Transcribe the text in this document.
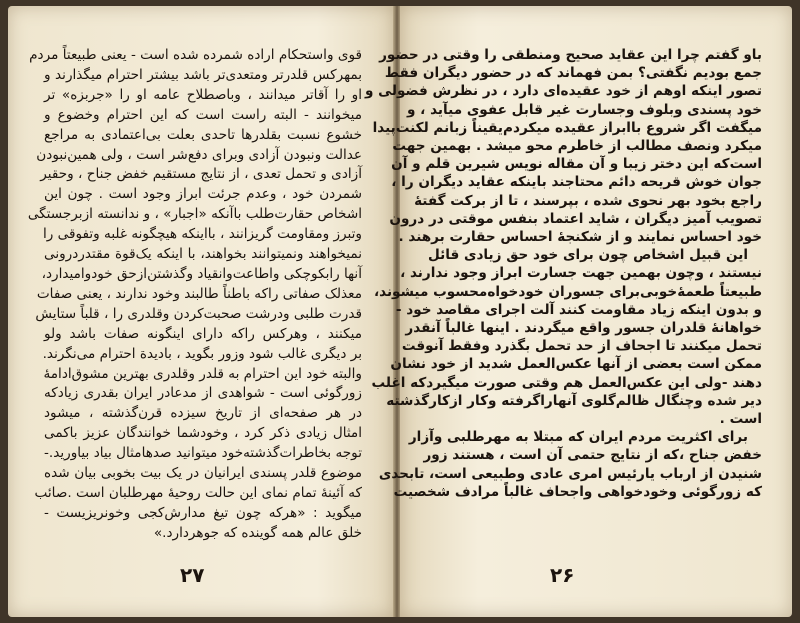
قوی واستحکام اراده شمرده شده است - یعنی طبیعتاً مردم
بمهرکس قلدرتر ومتعدی‌تر باشد بیشتر احترام میگذارند و
او را آقاتر میدانند ، وباصطلاح عامه او را «جربزه» تر
میخوانند - البته راست است که این احترام وخضوع و
خشوع نسبت بقلدرها تاحدی بعلت بی‌اعتمادی به مراجع
عدالت ونبودن آزادی وبرای دفع‌شر است ، ولی همین‌نبودن
آزادی و تحمل تعدی ، از نتایج مستقیم خفض جناح ، وحقیر
شمردن خود ، وعدم جرئت ابراز وجود است . چون این
اشخاص حقارت‌طلب باآنکه «اجبار» ، و ندانسته ازبرجستگی
وتبرز ومقاومت گریزانند ، بااینکه هیچگونه غلبه وتفوقی را
نمیخواهند ونمیتوانند بخواهند، با اینکه یک‌قوة مقتدردرونی
آنها رابکوچکی واطاعت‌وانقیاد وگذشتن‌ازحق خودوامیدارد،
معذلک صفاتی راکه باطناً طالبند وخود ندارند ، یعنی صفات
قدرت طلبی ودرشت صحبت‌کردن وقلدری را ، قلباً ستایش
میکنند ، وهرکس راکه دارای اینگونه صفات باشد ولو
بر دیگری غالب شود وزور بگوید ، بادیدة احترام می‌نگرند.
والبته خود این احترام به قلدر وقلدری بهترین مشوق‌ادامهٔ
زورگوئی است - شواهدی از مدعادر ایران بقدری زیادکه
در هر صفحه‌ای از تاریخ سیزده قرن‌گذشته ، میشود
امثال زیادی ذکر کرد ، وخودشما خوانندگان عزیز باکمی
توجه بخاطرات‌گذشته‌خود میتوانید صدهامثال بیاد بیاورید.-
موضوع قلدر پسندی ایرانیان در یک بیت بخوبی بیان شده
که آئینهٔ تمام نمای این حالت روحیهٔ مهرطلبان است .صائب
میگوید : «هرکه چون تیغ مدارش‌کجی وخونریزیست -
خلق عالم همه گوینده که جوهردارد.»
۲۷
باو گفتم چرا این عقاید صحیح ومنطقی را وقتی در حضور
جمع بودیم نگفتی؟ بمن فهماند که در حضور دیگران فقط
تصور اینکه اوهم از خود عقیده‌ای دارد ، در نظرش فضولی و
خود پسندی وبلوف وجسارت غیر قابل عفوی میآید ، و
میگفت اگر شروع باابراز عقیده میکردم‌یقیناً زبانم لکنت‌پیدا
میکرد ونصف مطالب از خاطرم محو میشد . بهمین جهت
است‌که این دختر زیبا و آن مقاله نویس شیرین قلم و آن
جوان خوش قریحه دائم محتاجند باینکه عقاید دیگران را ،
راجع بخود بهر نحوی شده ، بپرسند ، تا از برکت گفتهٔ
تصویب آمیز دیگران ، شاید اعتماد بنفس موقتی در درون
خود احساس نمایند و از شکنجهٔ احساس حقارت برهند .
این قبیل اشخاص چون برای خود حق زیادی قائل
نیستند ، وچون بهمین جهت جسارت ابراز وجود ندارند ،
طبیعتاً طعمهٔ‌خوبی‌برای جسوران خودخواه‌محسوب میشوند،
و بدون اینکه زیاد مقاومت کنند آلت اجرای مقاصد خود -
خواهانهٔ قلدران جسور واقع میگردند . اینها غالباً آنقدر
تحمل میکنند تا اجحاف از حد تحمل بگذرد وفقط آنوقت
ممکن است بعضی از آنها عکس‌العمل شدید از خود نشان
دهند -ولی این عکس‌العمل هم وقتی صورت میگیرد‌که اغلب
دیر شده وچنگال ظالم‌گلوی آنهاراگرفته وکار ازکارگذشته
است .
برای اکثریت مردم ایران که مبتلا به مهرطلبی وآزار
خفض جناح ،که از نتایج حتمی آن است ، هستند زور
شنیدن از ارباب یارئیس امری عادی وطبیعی است، تابحدی
که زورگوئی وخودخواهی واجحاف غالباً مرادف شخصیت
۲۶
